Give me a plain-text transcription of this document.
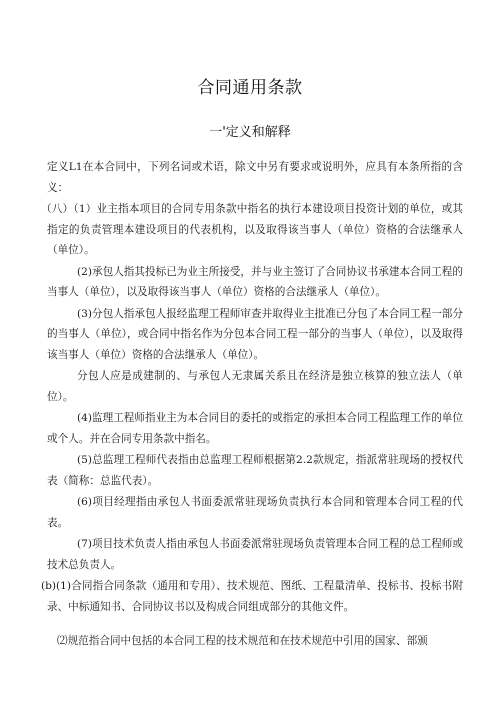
合同通用条款
一'定义和解释

定义L1在本合同中，下列名词或术语，除文中另有要求或说明外，应具有本条所指的含义：

（八）（1）业主指本项目的合同专用条款中指名的执行本建设项目投资计划的单位，或其指定的负责管理本建设项目的代表机构，以及取得该当事人（单位）资格的合法继承人（单位）。

(2)承包人指其投标已为业主所接受，并与业主签订了合同协议书承建本合同工程的当事人（单位），以及取得该当事人（单位）资格的合法继承人（单位）。

(3)分包人指承包人报经监理工程师审查并取得业主批准已分包了本合同工程一部分的当事人（单位），或合同中指名作为分包本合同工程一部分的当事人（单位），以及取得该当事人（单位）资格的合法继承人（单位）。

分包人应是成建制的、与承包人无隶属关系且在经济是独立核算的独立法人（单位）。

(4)监理工程师指业主为本合同目的委托的或指定的承担本合同工程监理工作的单位或个人。并在合同专用条款中指名。

(5)总监理工程师代表指由总监理工程师根据第2.2款规定，指派常驻现场的授权代表（简称：总监代表）。

(6)项目经理指由承包人书面委派常驻现场负责执行本合同和管理本合同工程的代表。

(7)项目技术负责人指由承包人书面委派常驻现场负责管理本合同工程的总工程师或技术总负责人。

(b)(1)合同指合同条款（通用和专用）、技术规范、图纸、工程量清单、投标书、投标书附录、中标通知书、合同协议书以及构成合同组成部分的其他文件。

⑵规范指合同中包括的本合同工程的技术规范和在技术规范中引用的国家、部颁
